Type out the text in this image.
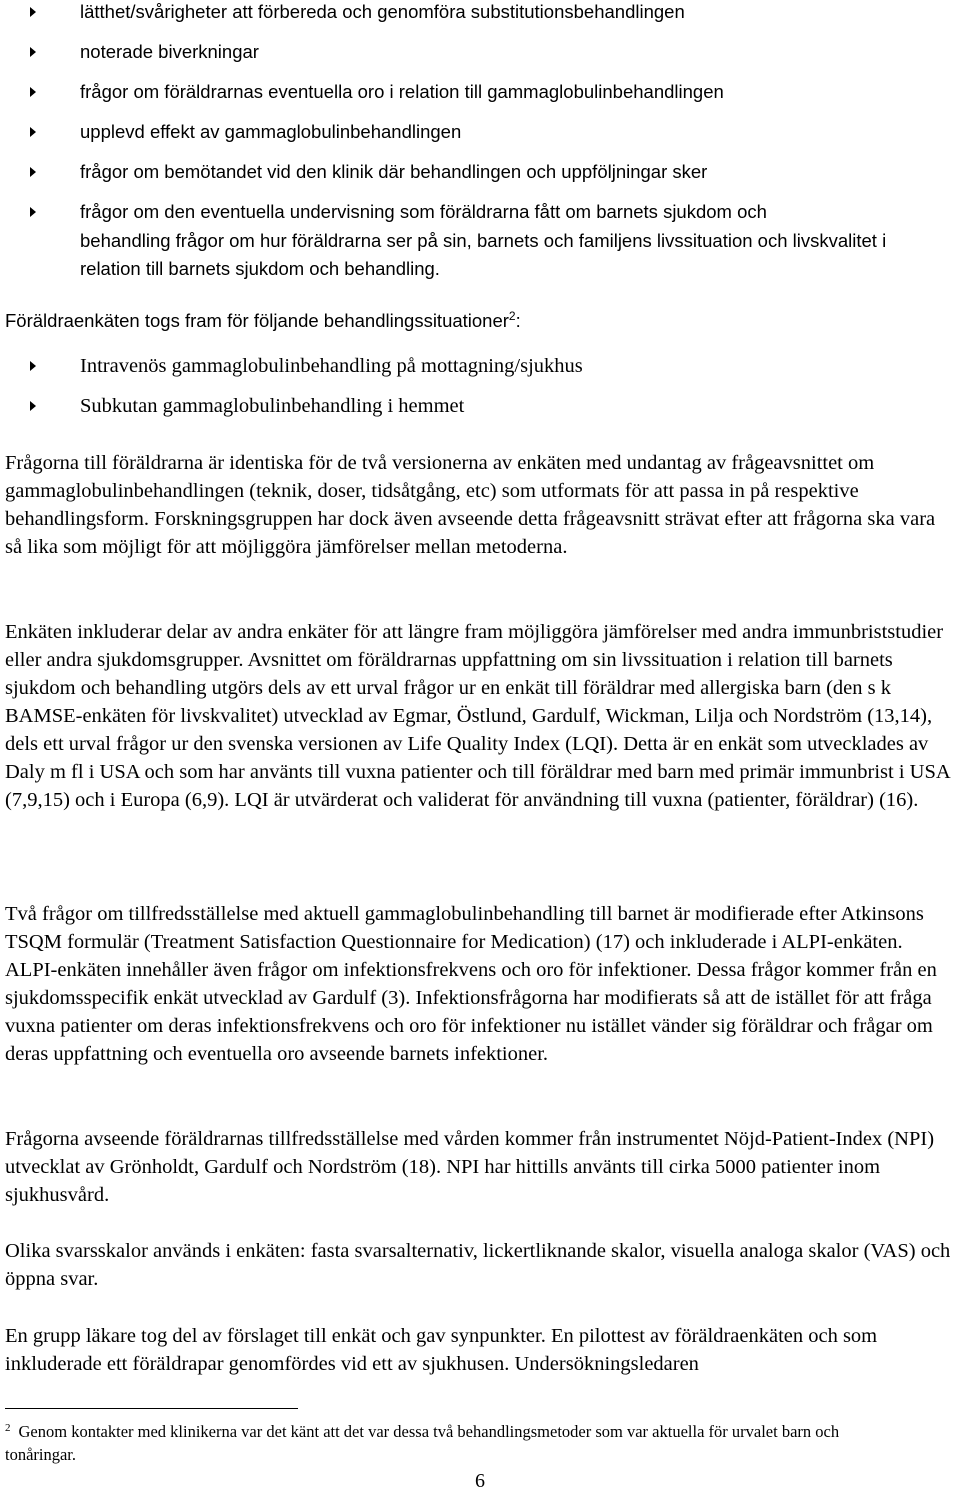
lätthet/svårigheter att förbereda och genomföra substitutionsbehandlingen
noterade biverkningar
frågor om föräldrarnas eventuella oro i relation till gammaglobulinbehandlingen
upplevd effekt av gammaglobulinbehandlingen
frågor om bemötandet vid den klinik där behandlingen och uppföljningar sker
frågor om den eventuella undervisning som föräldrarna fått om barnets sjukdom och

behandling frågor om hur föräldrarna ser på sin, barnets och familjens livssituation och livskvalitet i relation till barnets sjukdom och behandling.

Föräldraenkäten togs fram för följande behandlingssituationer$^2$:

Intravenös gammaglobulinbehandling på mottagning/sjukhus
Subkutan gammaglobulinbehandling i hemmet

Frågorna till föräldrarna är identiska för de två versionerna av enkäten med undantag av frågeavsnittet om gammaglobulinbehandlingen (teknik, doser, tidsåtgång, etc) som utformats för att passa in på respektive behandlingsform. Forskningsgruppen har dock även avseende detta frågeavsnitt strävat efter att frågorna ska vara så lika som möjligt för att möjliggöra jämförelser mellan metoderna.

Enkäten inkluderar delar av andra enkäter för att längre fram möjliggöra jämförelser med andra immunbriststudier eller andra sjukdomsgrupper. Avsnittet om föräldrarnas uppfattning om sin livssituation i relation till barnets sjukdom och behandling utgörs dels av ett urval frågor ur en enkät till föräldrar med allergiska barn (den s k BAMSE-enkäten för livskvalitet) utvecklad av Egmar, Östlund, Gardulf, Wickman, Lilja och Nordström (13,14), dels ett urval frågor ur den svenska versionen av Life Quality Index (LQI). Detta är en enkät som utvecklades av Daly m fl i USA och som har använts till vuxna patienter och till föräldrar med barn med primär immunbrist i USA (7,9,15) och i Europa (6,9). LQI är utvärderat och validerat för användning till vuxna (patienter, föräldrar) (16).

Två frågor om tillfredsställelse med aktuell gammaglobulinbehandling till barnet är modifierade efter Atkinsons TSQM formulär (Treatment Satisfaction Questionnaire for Medication) (17) och inkluderade i ALPI-enkäten. ALPI-enkäten innehåller även frågor om infektionsfrekvens och oro för infektioner. Dessa frågor kommer från en sjukdomsspecifik enkät utvecklad av Gardulf (3). Infektionsfrågorna har modifierats så att de istället för att fråga vuxna patienter om deras infektionsfrekvens och oro för infektioner nu istället vänder sig föräldrar och frågar om deras uppfattning och eventuella oro avseende barnets infektioner.

Frågorna avseende föräldrarnas tillfredsställelse med vården kommer från instrumentet Nöjd-Patient-Index (NPI) utvecklat av Grönholdt, Gardulf och Nordström (18). NPI har hittills använts till cirka 5000 patienter inom sjukhusvård.

Olika svarsskalor används i enkäten: fasta svarsalternativ, lickertliknande skalor, visuella analoga skalor (VAS) och öppna svar.

En grupp läkare tog del av förslaget till enkät och gav synpunkter. En pilottest av föräldraenkäten och som inkluderade ett föräldrapar genomfördes vid ett av sjukhusen. Undersökningsledaren

$^2$ Genom kontakter med klinikerna var det känt att det var dessa två behandlingsmetoder som var aktuella för urvalet barn och tonåringar.

6
